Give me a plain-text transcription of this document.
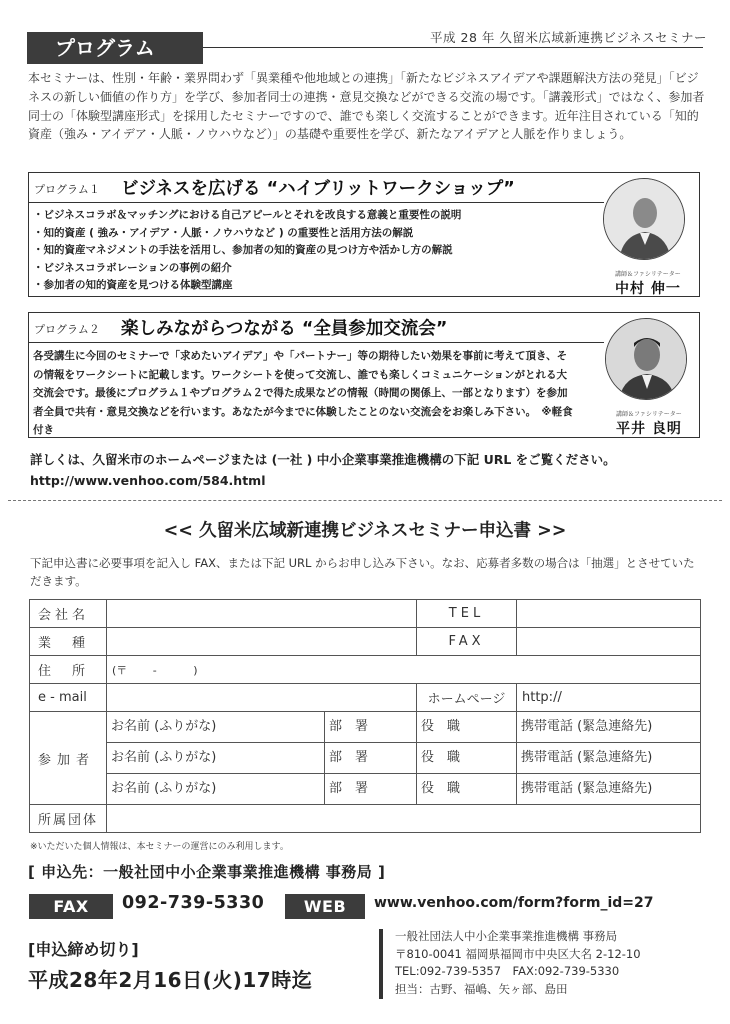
プログラム	平成 28 年 久留米広域新連携ビジネスセミナー
本セミナーは、性別・年齢・業界問わず「異業種や他地域との連携」「新たなビジネスアイデアや課題解決方法の発見」「ビジネスの新しい価値の作り方」を学び、参加者同士の連携・意見交換などができる交流の場です。「講義形式」ではなく、参加者同士の「体験型講座形式」を採用したセミナーですので、誰でも楽しく交流することができます。近年注目されている「知的資産（強み・アイデア・人脈・ノウハウなど）」の基礎や重要性を学び、新たなアイデアと人脈を作りましょう。
プログラム１ ビジネスを広げる “ハイブリットワークショップ”
・ビジネスコラボ＆マッチングにおける自己アピールとそれを改良する意義と重要性の説明
・知的資産 ( 強み・アイデア・人脈・ノウハウなど ) の重要性と活用方法の解説
・知的資産マネジメントの手法を活用し、参加者の知的資産の見つけ方や活かし方の解説
・ビジネスコラボレーションの事例の紹介
・参加者の知的資産を見つける体験型講座
講師＆ファシリテーター
中村 伸一
プログラム２ 楽しみながらつながる “全員参加交流会”
各受講生に今回のセミナーで「求めたいアイデア」や「パートナー」等の期待したい効果を事前に考えて頂き、その情報をワークシートに記載します。ワークシートを使って交流し、誰でも楽しくコミュニケーションがとれる大交流会です。最後にプログラム１やプログラム２で得た成果などの情報（時間の関係上、一部となります）を参加者全員で共有・意見交換などを行います。あなたが今までに体験したことのない交流会をお楽しみ下さい。　※軽食付き
講師＆ファシリテーター
平井 良明
詳しくは、久留米市のホームページまたは (一社 ) 中小企業事業推進機構の下記 URL をご覧ください。
http://www.venhoo.com/584.html
<< 久留米広域新連携ビジネスセミナー申込書 >>
下記申込書に必要事項を記入し FAX、または下記 URL からお申し込み下さい。なお、応募者多数の場合は「抽選」とさせていただきます。
会社名			TEL	
業　種			FAX	
住　所	(〒　　 -　　　 )			
e - mail			ホームページ	http://
参加者	お名前 (ふりがな)	部　署	役　職	携帯電話 (緊急連絡先)
	お名前 (ふりがな)	部　署	役　職	携帯電話 (緊急連絡先)
	お名前 (ふりがな)	部　署	役　職	携帯電話 (緊急連絡先)
所属団体				
※いただいた個人情報は、本セミナーの運営にのみ利用します。
[ 申込先：一般社団中小企業事業推進機構 事務局 ]
FAX	092-739-5330	WEB	www.venhoo.com/form?form_id=27
[申込締め切り]
平成28年2月16日(火)17時迄
一般社団法人中小企業事業推進機構 事務局
〒810-0041 福岡県福岡市中央区大名 2-12-10
TEL:092-739-5357　FAX:092-739-5330
担当：古野、福嶋、矢ヶ部、島田
